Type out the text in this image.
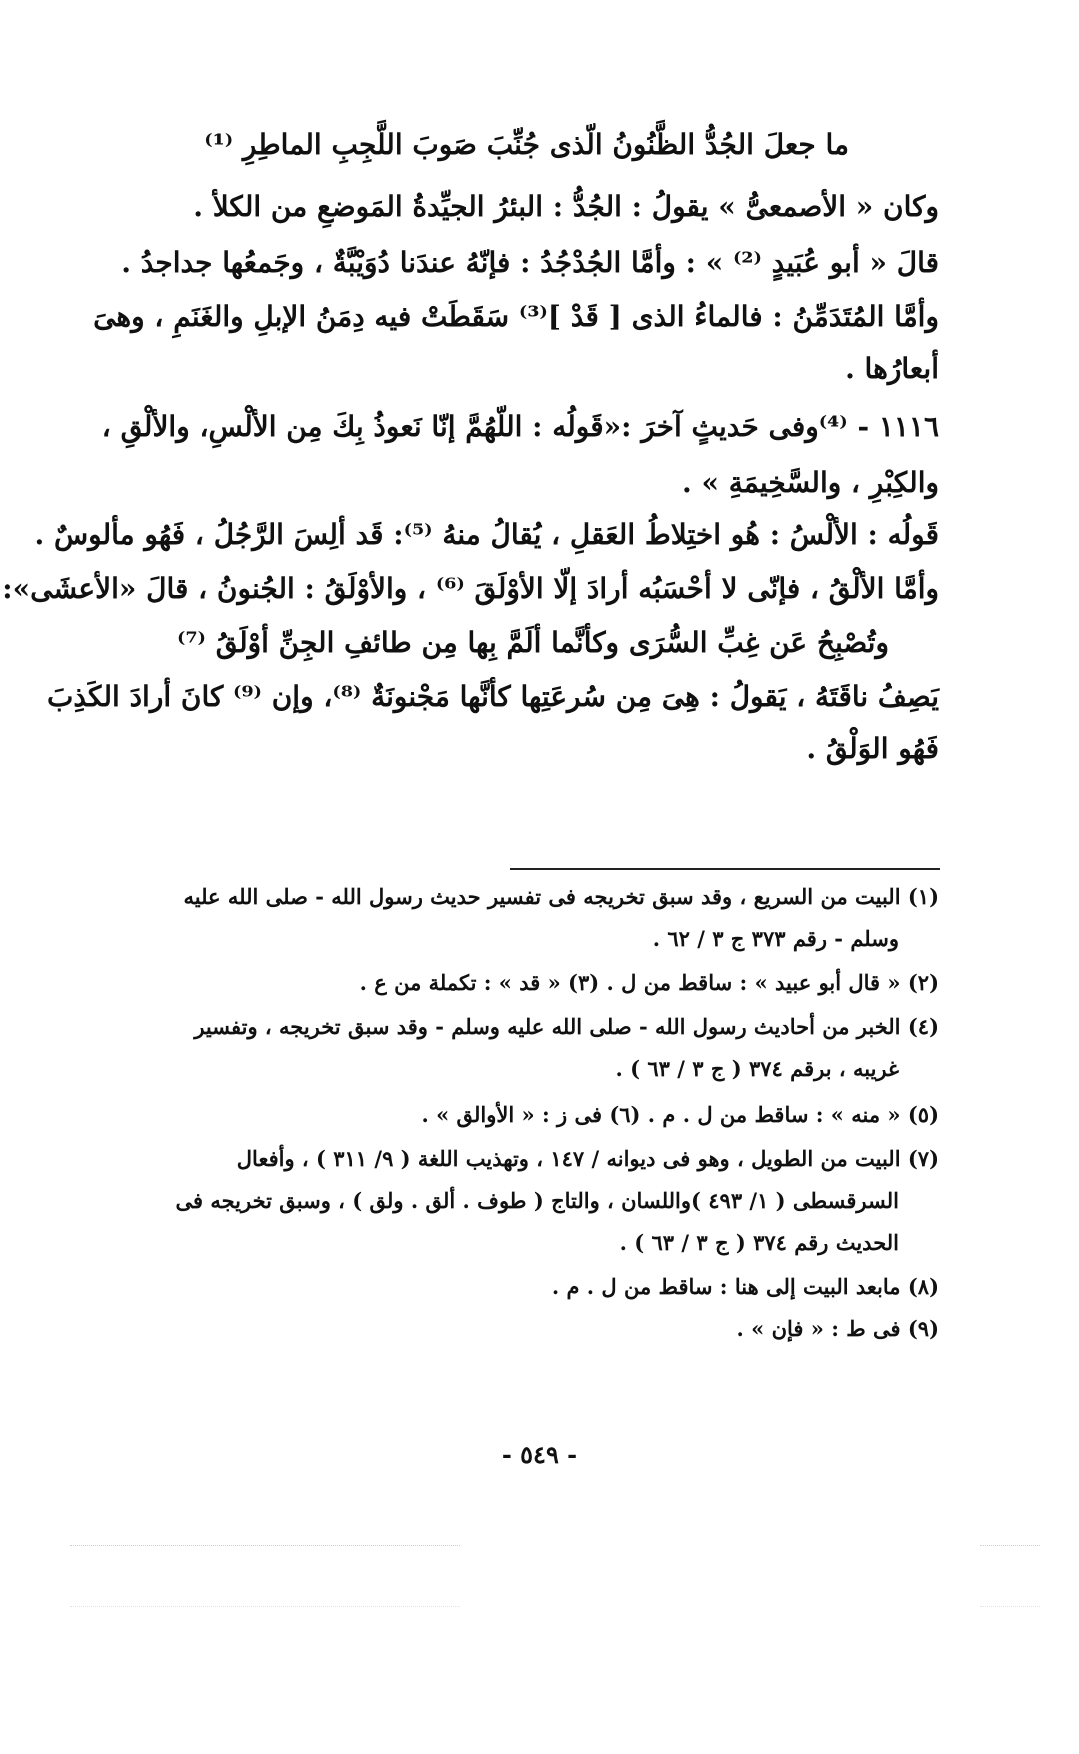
ما جعلَ الجُدُّ الظَّنُونُ الّذى جُنِّبَ صَوبَ اللَّجِبِ الماطِرِ ⁽¹⁾
وكان « الأصمعىُّ » يقولُ : الجُدُّ : البئرُ الجيِّدةُ المَوضعِ من الكلأ .
قالَ « أبو عُبَيدٍ ⁽²⁾ » : وأمَّا الجُدْجُدُ : فإنّهُ عندَنا دُوَيْبَّةٌ ، وجَمعُها جداجدُ .
وأمَّا المُتَدَمِّنُ : فالماءُ الذى [ قَدْ ]⁽³⁾ سَقَطَتْ فيه دِمَنُ الإبلِ والغَنَمِ ، وهىَ
أبعارُها .
١١١٦ - ⁽⁴⁾وفى حَديثٍ آخرَ :«قَولُه : اللّهُمَّ إنّا نَعوذُ بِكَ مِن الألْسِ، والألْقِ ،
والكِبْرِ ، والسَّخِيمَةِ » .
قَولُه : الألْسُ : هُو اختِلاطُ العَقلِ ، يُقالُ منهُ ⁽⁵⁾: قَد ألِسَ الرَّجُلُ ، فَهُو مألوسٌ .
وأمَّا الألْقُ ، فإنّى لا أحْسَبُه أرادَ إلّا الأوْلَقَ ⁽⁶⁾ ، والأوْلَقُ : الجُنونُ ، قالَ «الأعشَى»:
وتُصْبِحُ عَن غِبِّ السُّرَى وكأنَّما ألَمَّ بِها مِن طائفِ الجِنِّ أوْلَقُ ⁽⁷⁾
يَصِفُ ناقَتَهُ ، يَقولُ : هِىَ مِن سُرعَتِها كأنَّها مَجْنونَةٌ ⁽⁸⁾، وإن ⁽⁹⁾ كانَ أرادَ الكَذِبَ
فَهُو الوَلْقُ .
(١) البيت من السريع ، وقد سبق تخريجه فى تفسير حديث رسول الله - صلى الله عليه
وسلم - رقم ٣٧٣ ج ٣ / ٦٢ .
(٢) « قال أبو عبيد » : ساقط من ل . (٣) « قد » : تكملة من ع .
(٤) الخبر من أحاديث رسول الله - صلى الله عليه وسلم - وقد سبق تخريجه ، وتفسير
غريبه ، برقم ٣٧٤ ( ج ٣ / ٦٣ ) .
(٥) « منه » : ساقط من ل . م . (٦) فى ز : « الأوالق » .
(٧) البيت من الطويل ، وهو فى ديوانه / ١٤٧ ، وتهذيب اللغة ( ٩/ ٣١١ ) ، وأفعال
السرقسطى ( ١/ ٤٩٣ )واللسان ، والتاج ( طوف . ألق . ولق ) ، وسبق تخريجه فى
الحديث رقم ٣٧٤ ( ج ٣ / ٦٣ ) .
(٨) مابعد البيت إلى هنا : ساقط من ل . م .
(٩) فى ط : « فإن » .
- ٥٤٩ -
